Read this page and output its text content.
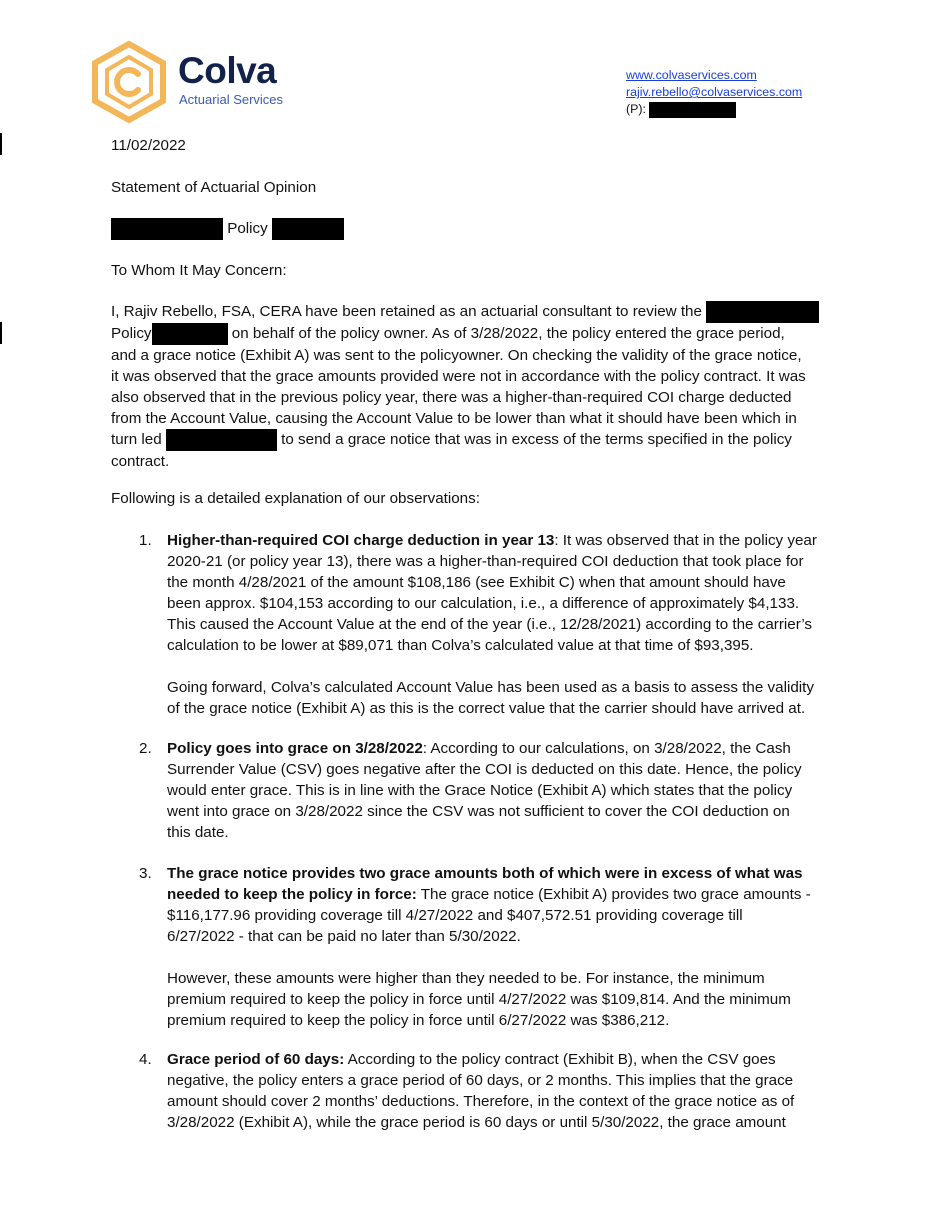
Colva
Actuarial Services
www.colvaservices.com
rajiv.rebello@colvaservices.com
(P):
11/02/2022
Statement of Actuarial Opinion
Policy
To Whom It May Concern:
I, Rajiv Rebello, FSA, CERA have been retained as an actuarial consultant to review the
Policy	on behalf of the policy owner. As of 3/28/2022, the policy entered the grace period,
and a grace notice (Exhibit A) was sent to the policyowner. On checking the validity of the grace notice,
it was observed that the grace amounts provided were not in accordance with the policy contract. It was
also observed that in the previous policy year, there was a higher-than-required COI charge deducted
from the Account Value, causing the Account Value to be lower than what it should have been which in
turn led	to send a grace notice that was in excess of the terms specified in the policy
contract.
Following is a detailed explanation of our observations:
1. Higher-than-required COI charge deduction in year 13: It was observed that in the policy year
2020-21 (or policy year 13), there was a higher-than-required COI deduction that took place for
the month 4/28/2021 of the amount $108,186 (see Exhibit C) when that amount should have
been approx. $104,153 according to our calculation, i.e., a difference of approximately $4,133.
This caused the Account Value at the end of the year (i.e., 12/28/2021) according to the carrier’s
calculation to be lower at $89,071 than Colva’s calculated value at that time of $93,395.
Going forward, Colva’s calculated Account Value has been used as a basis to assess the validity
of the grace notice (Exhibit A) as this is the correct value that the carrier should have arrived at.
2. Policy goes into grace on 3/28/2022: According to our calculations, on 3/28/2022, the Cash
Surrender Value (CSV) goes negative after the COI is deducted on this date. Hence, the policy
would enter grace. This is in line with the Grace Notice (Exhibit A) which states that the policy
went into grace on 3/28/2022 since the CSV was not sufficient to cover the COI deduction on
this date.
3. The grace notice provides two grace amounts both of which were in excess of what was
needed to keep the policy in force: The grace notice (Exhibit A) provides two grace amounts -
$116,177.96 providing coverage till 4/27/2022 and $407,572.51 providing coverage till
6/27/2022 - that can be paid no later than 5/30/2022.
However, these amounts were higher than they needed to be. For instance, the minimum
premium required to keep the policy in force until 4/27/2022 was $109,814. And the minimum
premium required to keep the policy in force until 6/27/2022 was $386,212.
4. Grace period of 60 days: According to the policy contract (Exhibit B), when the CSV goes
negative, the policy enters a grace period of 60 days, or 2 months. This implies that the grace
amount should cover 2 months’ deductions. Therefore, in the context of the grace notice as of
3/28/2022 (Exhibit A), while the grace period is 60 days or until 5/30/2022, the grace amount
